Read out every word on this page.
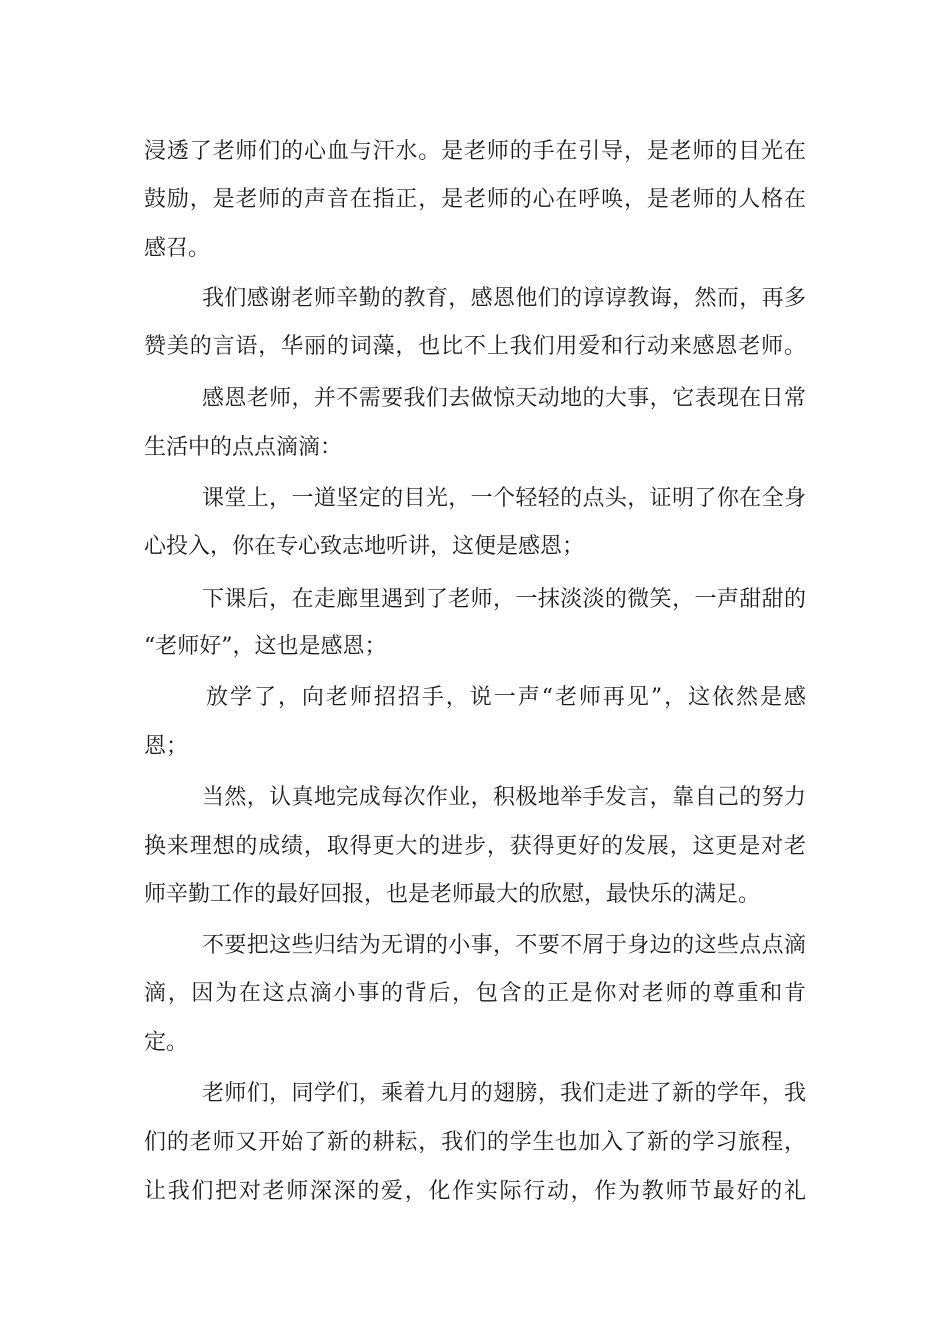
浸透了老师们的心血与汗水。是老师的手在引导，是老师的目光在
鼓励，是老师的声音在指正，是老师的心在呼唤，是老师的人格在
感召。
我们感谢老师辛勤的教育，感恩他们的谆谆教诲，然而，再多
赞美的言语，华丽的词藻，也比不上我们用爱和行动来感恩老师。
感恩老师，并不需要我们去做惊天动地的大事，它表现在日常
生活中的点点滴滴：
课堂上，一道坚定的目光，一个轻轻的点头，证明了你在全身
心投入，你在专心致志地听讲，这便是感恩；
下课后，在走廊里遇到了老师，一抹淡淡的微笑，一声甜甜的
“老师好”，这也是感恩；
放学了，向老师招招手，说一声“老师再见”，这依然是感
恩；
当然，认真地完成每次作业，积极地举手发言，靠自己的努力
换来理想的成绩，取得更大的进步，获得更好的发展，这更是对老
师辛勤工作的最好回报，也是老师最大的欣慰，最快乐的满足。
不要把这些归结为无谓的小事，不要不屑于身边的这些点点滴
滴，因为在这点滴小事的背后，包含的正是你对老师的尊重和肯
定。
老师们，同学们，乘着九月的翅膀，我们走进了新的学年，我
们的老师又开始了新的耕耘，我们的学生也加入了新的学习旅程，
让我们把对老师深深的爱，化作实际行动，作为教师节最好的礼
